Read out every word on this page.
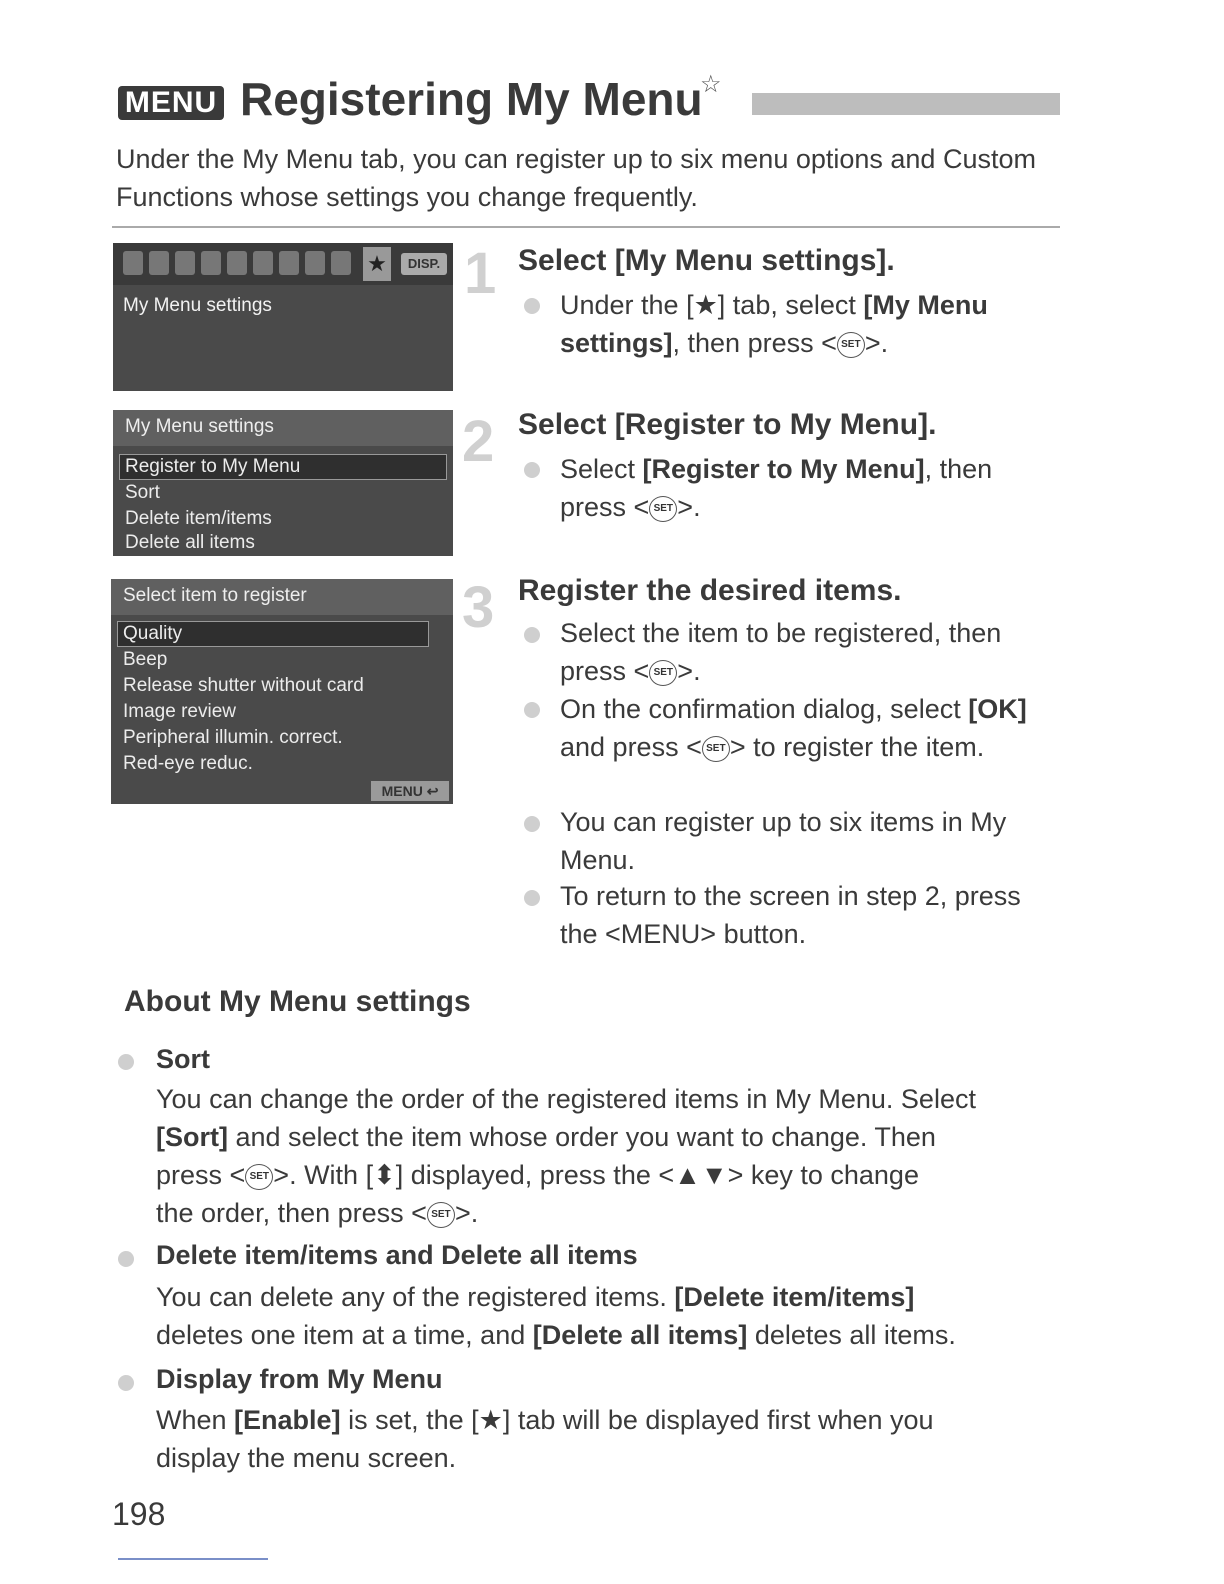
MENU Registering My Menu
☆
Under the My Menu tab, you can register up to six menu options and Custom Functions whose settings you change frequently.
★	DISP.
My Menu settings
My Menu settings
Register to My Menu
Sort
Delete item/items
Delete all items
Select item to register
Quality
Beep
Release shutter without card
Image review
Peripheral illumin. correct.
Red-eye reduc.
MENU ↩
1
2
3
Select [My Menu settings].
Under the [★] tab, select [My Menu settings], then press < SET >.
Select [Register to My Menu].
Select [Register to My Menu], then press < SET >.
Register the desired items.
Select the item to be registered, then press < SET >.
On the confirmation dialog, select [OK] and press < SET > to register the item.
You can register up to six items in My Menu.
To return to the screen in step 2, press the <MENU> button.
About My Menu settings
Sort
You can change the order of the registered items in My Menu. Select
[Sort] and select the item whose order you want to change. Then
press < SET >. With [⬍] displayed, press the <▲▼> key to change
the order, then press < SET >.
Delete item/items and Delete all items
You can delete any of the registered items. [Delete item/items]
deletes one item at a time, and [Delete all items] deletes all items.
Display from My Menu
When [Enable] is set, the [★] tab will be displayed first when you
display the menu screen.
198
